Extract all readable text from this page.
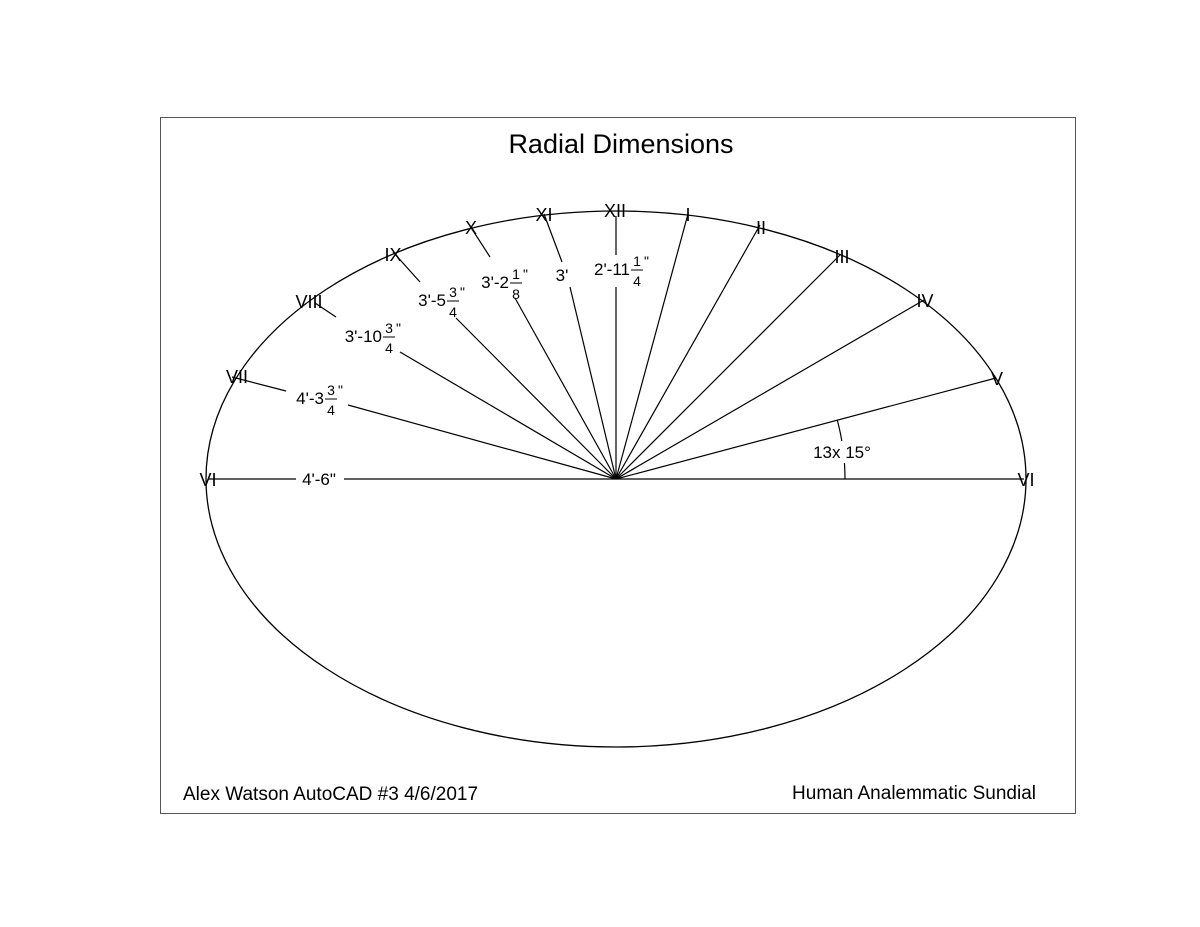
Radial Dimensions
13x 15°
VI
VII
VIII
IX
X
XI	XII	I
II
III
IV
V
VI
4'-6"
4'-3 3
4
"
3'-10 3
4
"
3'-5 3
4
" 3'-2 1
8
" 3' 2'-11 1
4
"
Alex Watson AutoCAD #3 4/6/2017	Human Analemmatic Sundial
